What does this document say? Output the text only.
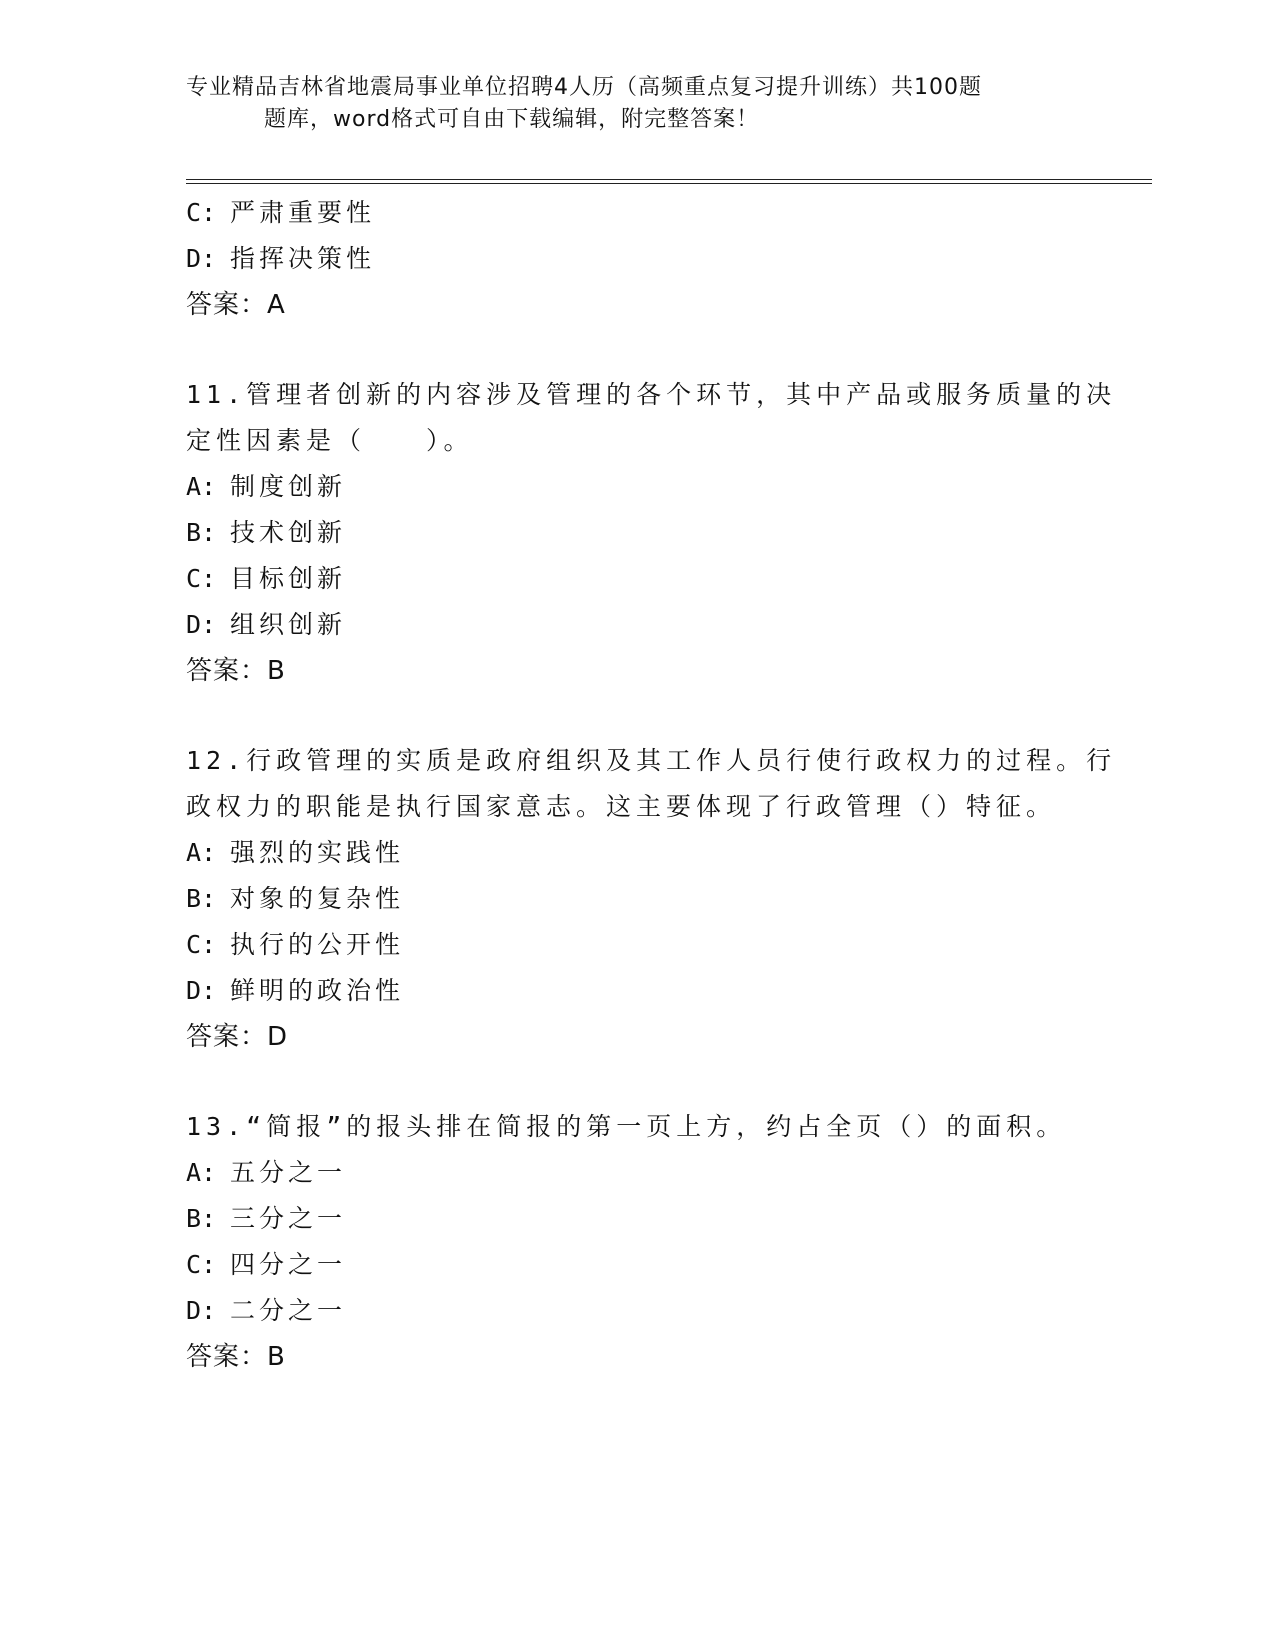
专业精品吉林省地震局事业单位招聘4人历（高频重点复习提升训练）共100题
题库，word格式可自由下载编辑，附完整答案！
C: 严肃重要性
D: 指挥决策性
答案：A
11.管理者创新的内容涉及管理的各个环节，其中产品或服务质量的决
定性因素是（　　）。
A: 制度创新
B: 技术创新
C: 目标创新
D: 组织创新
答案：B
12.行政管理的实质是政府组织及其工作人员行使行政权力的过程。行
政权力的职能是执行国家意志。这主要体现了行政管理（）特征。
A: 强烈的实践性
B: 对象的复杂性
C: 执行的公开性
D: 鲜明的政治性
答案：D
13.“简报”的报头排在简报的第一页上方，约占全页（）的面积。
A: 五分之一
B: 三分之一
C: 四分之一
D: 二分之一
答案：B
